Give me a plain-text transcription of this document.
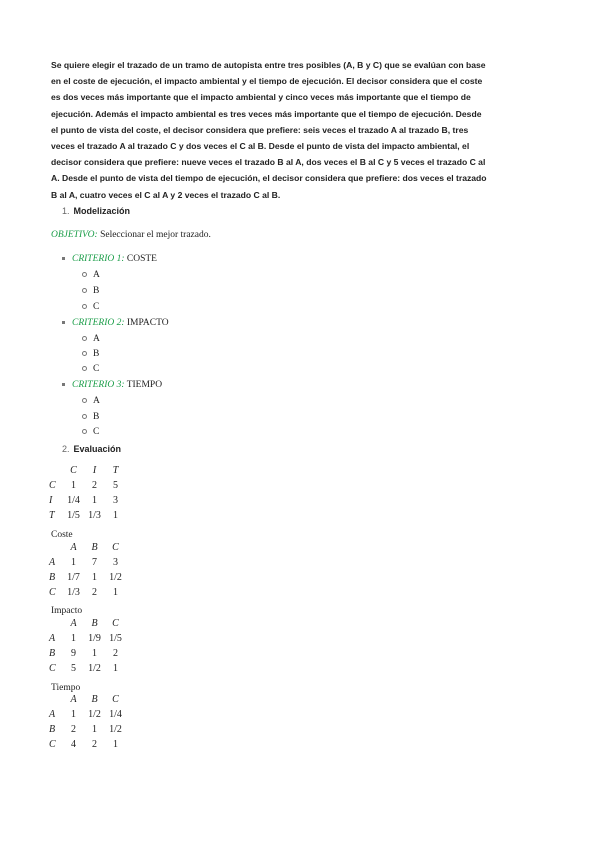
Se quiere elegir el trazado de un tramo de autopista entre tres posibles (A, B y C) que se evalúan con base
en el coste de ejecución, el impacto ambiental y el tiempo de ejecución. El decisor considera que el coste
es dos veces más importante que el impacto ambiental y cinco veces más importante que el tiempo de
ejecución. Además el impacto ambiental es tres veces más importante que el tiempo de ejecución. Desde
el punto de vista del coste, el decisor considera que prefiere: seis veces el trazado A al trazado B, tres
veces el trazado A al trazado C y dos veces el C al B. Desde el punto de vista del impacto ambiental, el
decisor considera que prefiere: nueve veces el trazado B al A, dos veces el B al C y 5 veces el trazado C al
A. Desde el punto de vista del tiempo de ejecución, el decisor considera que prefiere: dos veces el trazado
B al A, cuatro veces el C al A y 2 veces el trazado C al B.

1. Modelización
OBJETIVO: Seleccionar el mejor trazado.
CRITERIO 1: COSTE
A
B
C
CRITERIO 2: IMPACTO
A
B
C
CRITERIO 3: TIEMPO
A
B
C
2. Evaluación
	C	I	T
C	1	2	5
I	1/4	1	3
T	1/5	1/3	1
Coste
	A	B	C
A	1	7	3
B	1/7	1	1/2
C	1/3	2	1
Impacto
	A	B	C
A	1	1/9	1/5
B	9	1	2
C	5	1/2	1
Tiempo
	A	B	C
A	1	1/2	1/4
B	2	1	1/2
C	4	2	1
